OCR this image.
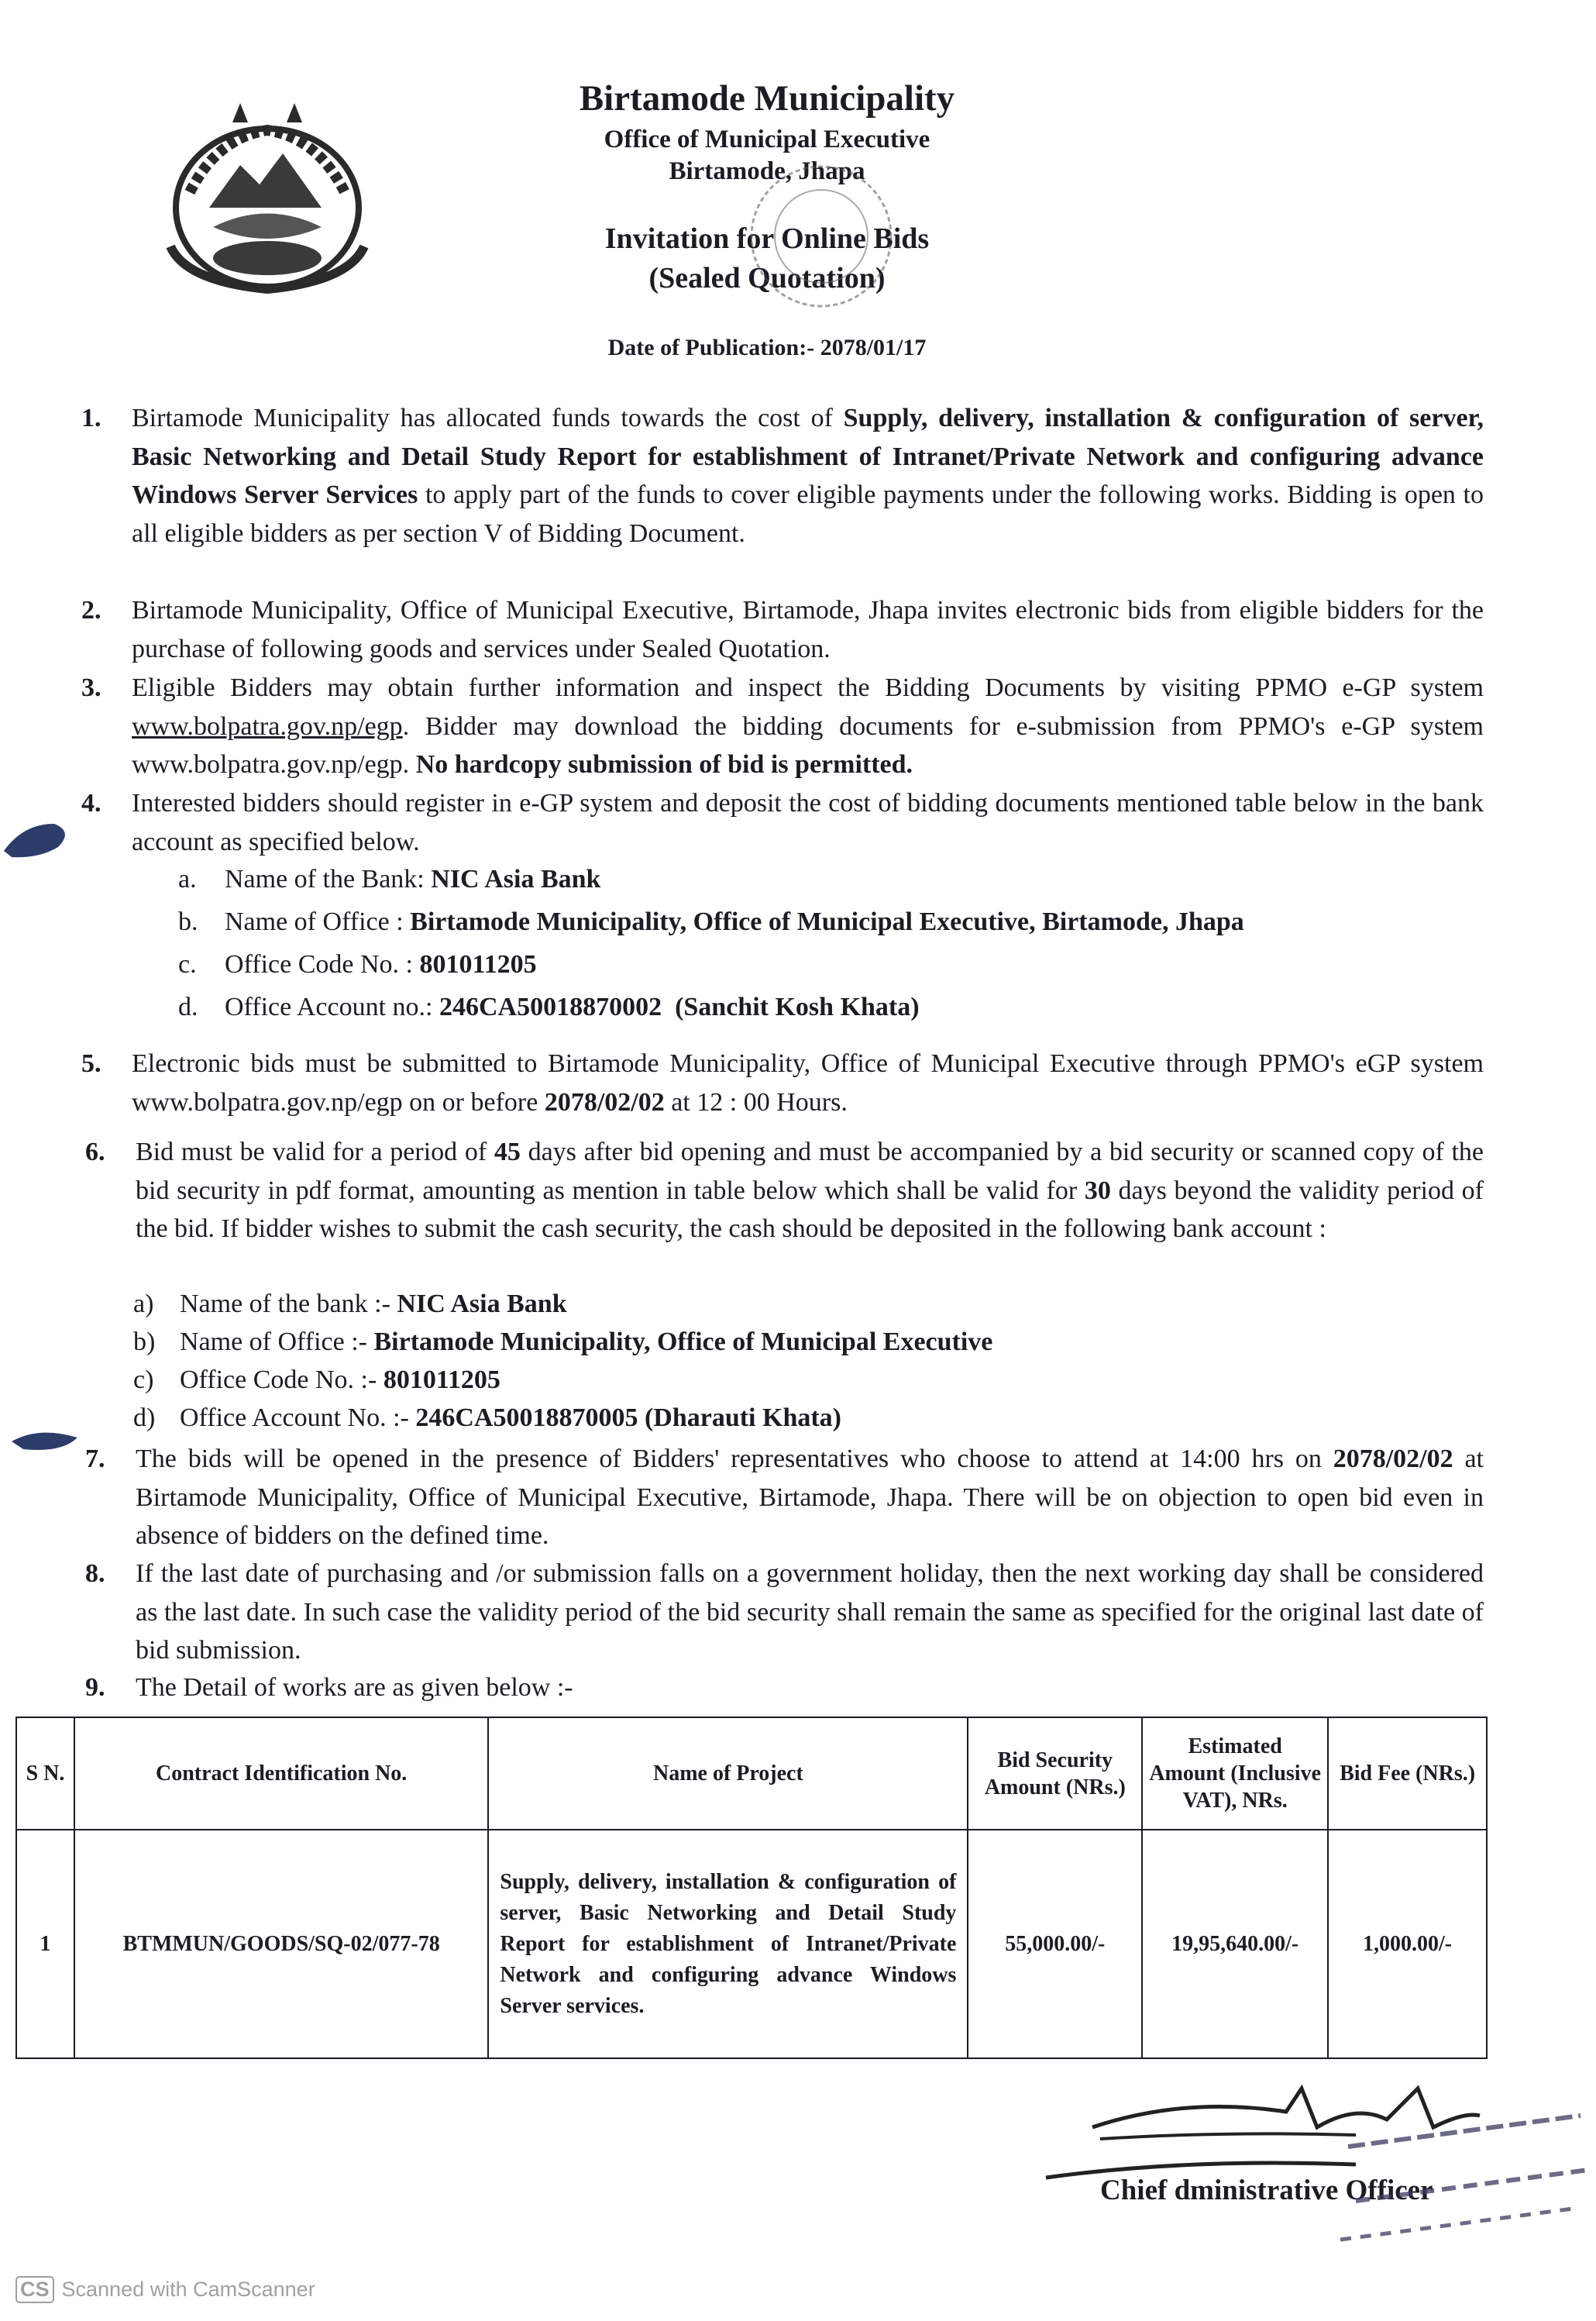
Birtamode Municipality
Office of Municipal Executive
Birtamode, Jhapa
Invitation for Online Bids
(Sealed Quotation)
Date of Publication:- 2078/01/17
1.	Birtamode Municipality has allocated funds towards the cost of Supply, delivery, installation & configuration of server, Basic Networking and Detail Study Report for establishment of Intranet/Private Network and configuring advance Windows Server Services to apply part of the funds to cover eligible payments under the following works. Bidding is open to all eligible bidders as per section V of Bidding Document.
2.	Birtamode Municipality, Office of Municipal Executive, Birtamode, Jhapa invites electronic bids from eligible bidders for the purchase of following goods and services under Sealed Quotation.
3.	Eligible Bidders may obtain further information and inspect the Bidding Documents by visiting PPMO e-GP system www.bolpatra.gov.np/egp. Bidder may download the bidding documents for e-submission from PPMO's e-GP system www.bolpatra.gov.np/egp. No hardcopy submission of bid is permitted.
4.	Interested bidders should register in e-GP system and deposit the cost of bidding documents mentioned table below in the bank account as specified below.
a. Name of the Bank: NIC Asia Bank
b. Name of Office : Birtamode Municipality, Office of Municipal Executive, Birtamode, Jhapa
c. Office Code No. : 801011205
d. Office Account no.: 246CA50018870002  (Sanchit Kosh Khata)
5.	Electronic bids must be submitted to Birtamode Municipality, Office of Municipal Executive through PPMO's eGP system www.bolpatra.gov.np/egp on or before 2078/02/02 at 12 : 00 Hours.
6.	Bid must be valid for a period of 45 days after bid opening and must be accompanied by a bid security or scanned copy of the bid security in pdf format, amounting as mention in table below which shall be valid for 30 days beyond the validity period of the bid. If bidder wishes to submit the cash security, the cash should be deposited in the following bank account :
a) Name of the bank :- NIC Asia Bank
b) Name of Office :- Birtamode Municipality, Office of Municipal Executive
c) Office Code No. :- 801011205
d) Office Account No. :- 246CA50018870005 (Dharauti Khata)
7.	The bids will be opened in the presence of Bidders' representatives who choose to attend at 14:00 hrs on 2078/02/02 at Birtamode Municipality, Office of Municipal Executive, Birtamode, Jhapa. There will be on objection to open bid even in absence of bidders on the defined time.
8.	If the last date of purchasing and /or submission falls on a government holiday, then the next working day shall be considered as the last date. In such case the validity period of the bid security shall remain the same as specified for the original last date of bid submission.
9.	The Detail of works are as given below :-
S N.	Contract Identification No.	Name of Project	Bid Security Amount (NRs.)	Estimated Amount (Inclusive VAT), NRs.	Bid Fee (NRs.)
1	BTMMUN/GOODS/SQ-02/077-78	Supply, delivery, installation & configuration of server, Basic Networking and Detail Study Report for establishment of Intranet/Private Network and configuring advance Windows Server services.	55,000.00/-	19,95,640.00/-	1,000.00/-
Chief dministrative Officer
CS Scanned with CamScanner
